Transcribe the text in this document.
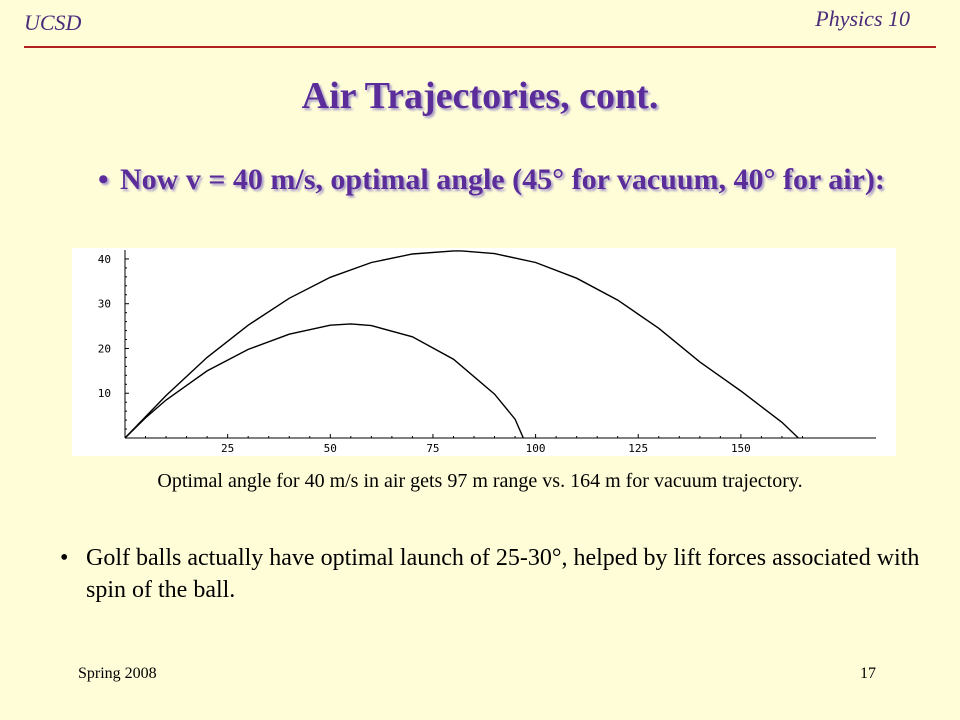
UCSD	Physics 10
Air Trajectories, cont.
• Now v = 40 m/s, optimal angle (45° for vacuum, 40° for air):
25	50	75	100	125	150
10
20
30
40
Optimal angle for 40 m/s in air gets 97 m range vs. 164 m for vacuum trajectory.
• Golf balls actually have optimal launch of 25-30°, helped by lift forces associated with spin of the ball.
Spring 2008	17
